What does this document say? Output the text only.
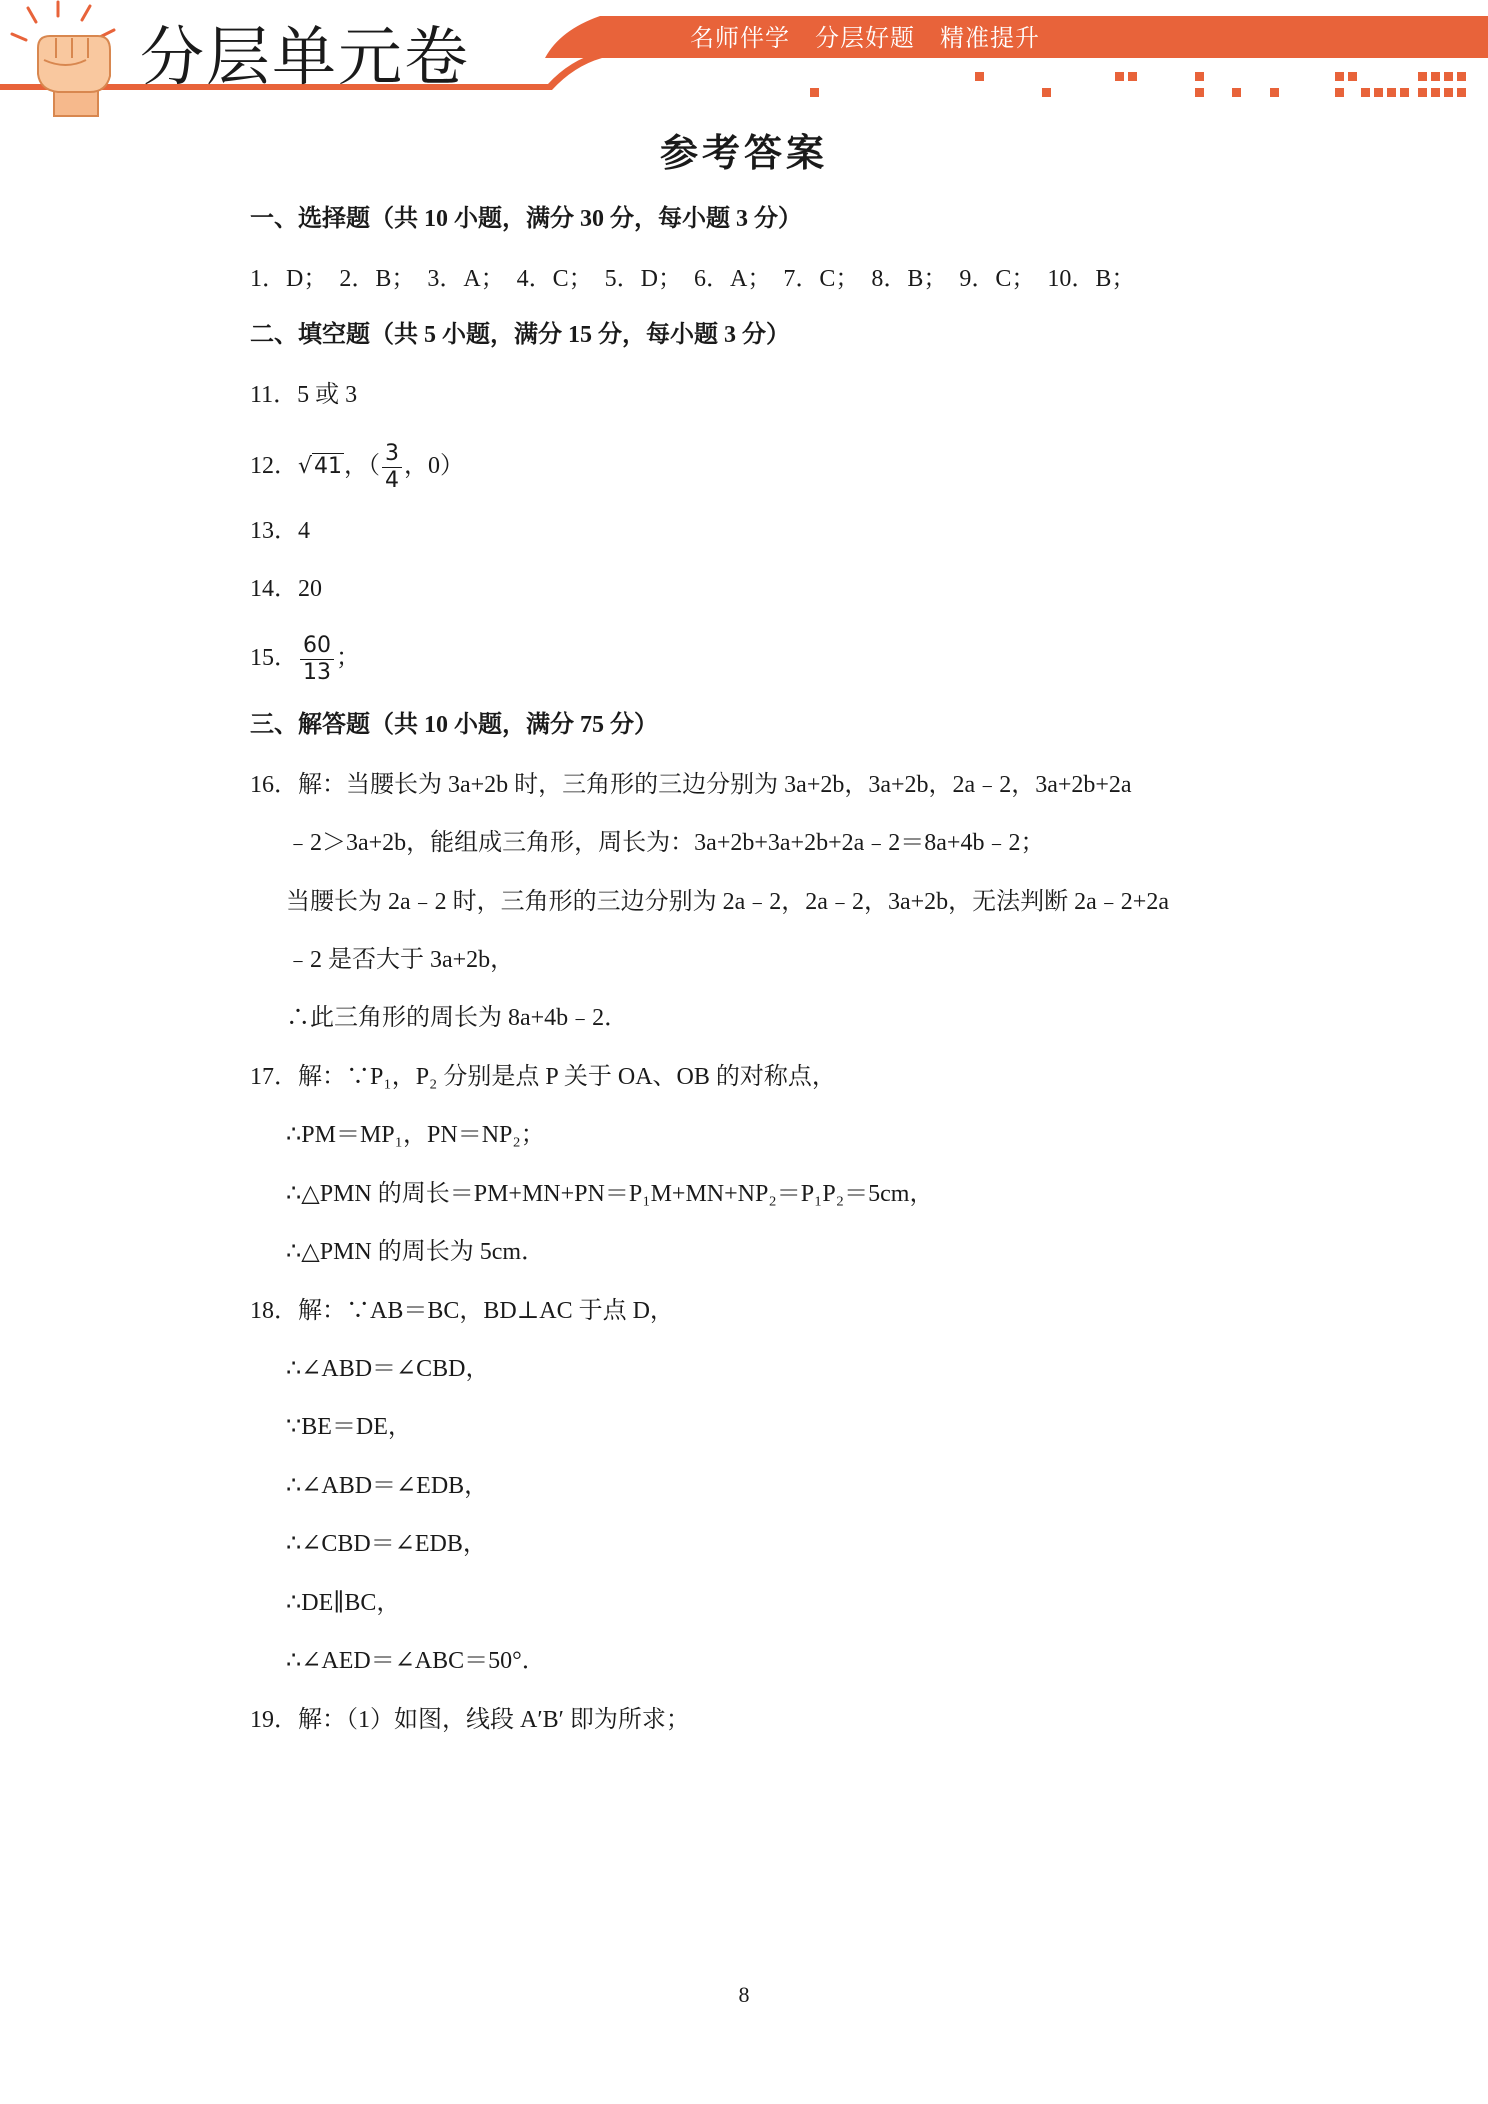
分层单元卷	名师伴学　分层好题　精准提升
参考答案
一、选择题（共 10 小题，满分 30 分，每小题 3 分）
1．D；　2．B；　3．A；　4．C；　5．D；　6．A；　7．C；　8．B；　9．C；　10．B；
二、填空题（共 5 小题，满分 15 分，每小题 3 分）
11．5 或 3
12．√41，（ $\frac{3}{4}$ ，0）
13．4
14．20
15． $\frac{60}{13}$ ；
三、解答题（共 10 小题，满分 75 分）
16．解：当腰长为 3a+2b 时，三角形的三边分别为 3a+2b，3a+2b，2a﹣2，3a+2b+2a
﹣2＞3a+2b，能组成三角形，周长为：3a+2b+3a+2b+2a﹣2＝8a+4b﹣2；
当腰长为 2a﹣2 时，三角形的三边分别为 2a﹣2，2a﹣2，3a+2b，无法判断 2a﹣2+2a
﹣2 是否大于 3a+2b，
∴此三角形的周长为 8a+4b﹣2．
17．解：∵P₁，P₂ 分别是点 P 关于 OA、OB 的对称点，
∴PM＝MP₁，PN＝NP₂；
∴△PMN 的周长＝PM+MN+PN＝P₁M+MN+NP₂＝P₁P₂＝5cm，
∴△PMN 的周长为 5cm．
18．解：∵AB＝BC，BD⊥AC 于点 D，
∴∠ABD＝∠CBD，
∵BE＝DE，
∴∠ABD＝∠EDB，
∴∠CBD＝∠EDB，
∴DE∥BC，
∴∠AED＝∠ABC＝50°．
19．解：（1）如图，线段 A′B′ 即为所求；
8
